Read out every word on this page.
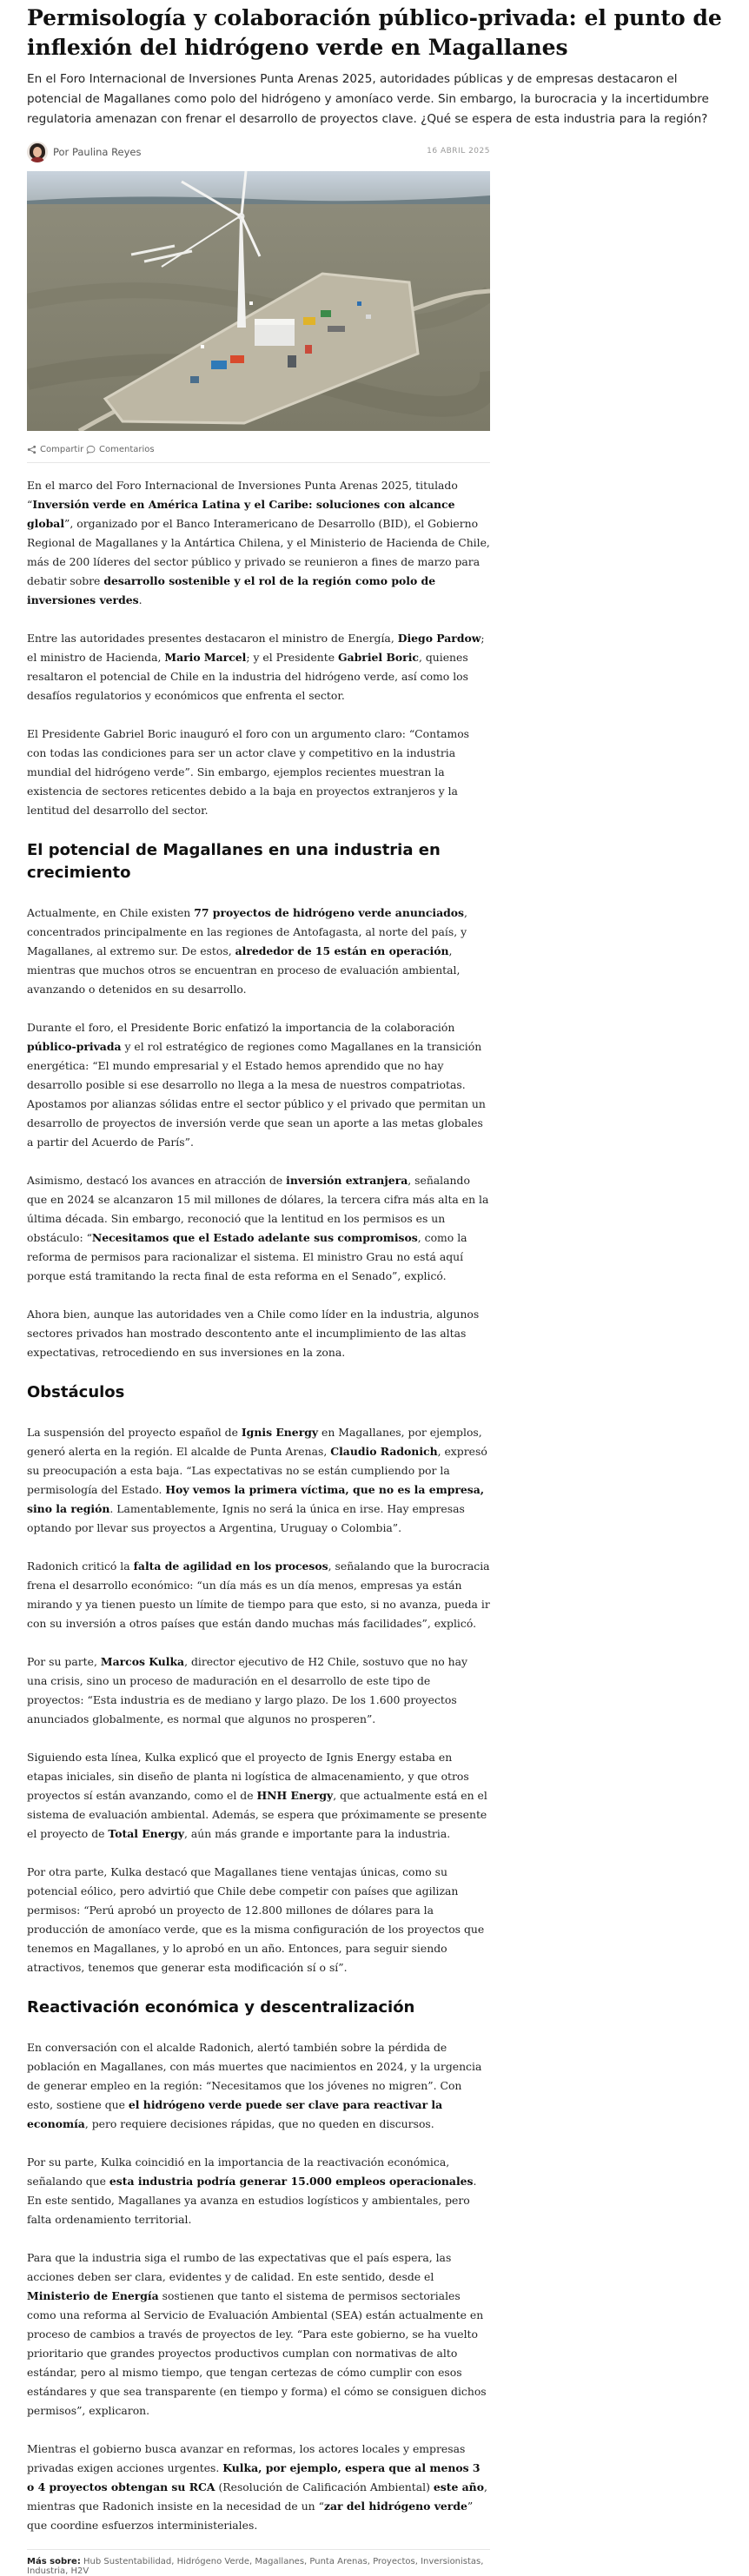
Permisología y colaboración público-privada: el punto de inflexión del hidrógeno verde en Magallanes

En el Foro Internacional de Inversiones Punta Arenas 2025, autoridades públicas y de empresas destacaron el potencial de Magallanes como polo del hidrógeno y amoníaco verde. Sin embargo, la burocracia y la incertidumbre regulatoria amenazan con frenar el desarrollo de proyectos clave. ¿Qué se espera de esta industria para la región?

Por Paulina Reyes	16 ABRIL 2025
Compartir Comentarios

En el marco del Foro Internacional de Inversiones Punta Arenas 2025, titulado “Inversión verde en América Latina y el Caribe: soluciones con alcance global”, organizado por el Banco Interamericano de Desarrollo (BID), el Gobierno Regional de Magallanes y la Antártica Chilena, y el Ministerio de Hacienda de Chile, más de 200 líderes del sector público y privado se reunieron a fines de marzo para debatir sobre desarrollo sostenible y el rol de la región como polo de inversiones verdes.

Entre las autoridades presentes destacaron el ministro de Energía, Diego Pardow; el ministro de Hacienda, Mario Marcel; y el Presidente Gabriel Boric, quienes resaltaron el potencial de Chile en la industria del hidrógeno verde, así como los desafíos regulatorios y económicos que enfrenta el sector.

El Presidente Gabriel Boric inauguró el foro con un argumento claro: “Contamos con todas las condiciones para ser un actor clave y competitivo en la industria mundial del hidrógeno verde”. Sin embargo, ejemplos recientes muestran la existencia de sectores reticentes debido a la baja en proyectos extranjeros y la lentitud del desarrollo del sector.

El potencial de Magallanes en una industria en crecimiento

Actualmente, en Chile existen 77 proyectos de hidrógeno verde anunciados, concentrados principalmente en las regiones de Antofagasta, al norte del país, y Magallanes, al extremo sur. De estos, alrededor de 15 están en operación, mientras que muchos otros se encuentran en proceso de evaluación ambiental, avanzando o detenidos en su desarrollo.

Durante el foro, el Presidente Boric enfatizó la importancia de la colaboración público-privada y el rol estratégico de regiones como Magallanes en la transición energética: “El mundo empresarial y el Estado hemos aprendido que no hay desarrollo posible si ese desarrollo no llega a la mesa de nuestros compatriotas. Apostamos por alianzas sólidas entre el sector público y el privado que permitan un desarrollo de proyectos de inversión verde que sean un aporte a las metas globales a partir del Acuerdo de París”.

Asimismo, destacó los avances en atracción de inversión extranjera, señalando que en 2024 se alcanzaron 15 mil millones de dólares, la tercera cifra más alta en la última década. Sin embargo, reconoció que la lentitud en los permisos es un obstáculo: “Necesitamos que el Estado adelante sus compromisos, como la reforma de permisos para racionalizar el sistema. El ministro Grau no está aquí porque está tramitando la recta final de esta reforma en el Senado”, explicó.

Ahora bien, aunque las autoridades ven a Chile como líder en la industria, algunos sectores privados han mostrado descontento ante el incumplimiento de las altas expectativas, retrocediendo en sus inversiones en la zona.

Obstáculos

La suspensión del proyecto español de Ignis Energy en Magallanes, por ejemplos, generó alerta en la región. El alcalde de Punta Arenas, Claudio Radonich, expresó su preocupación a esta baja. “Las expectativas no se están cumpliendo por la permisología del Estado. Hoy vemos la primera víctima, que no es la empresa, sino la región. Lamentablemente, Ignis no será la única en irse. Hay empresas optando por llevar sus proyectos a Argentina, Uruguay o Colombia”.

Radonich criticó la falta de agilidad en los procesos, señalando que la burocracia frena el desarrollo económico: “un día más es un día menos, empresas ya están mirando y ya tienen puesto un límite de tiempo para que esto, si no avanza, pueda ir con su inversión a otros países que están dando muchas más facilidades”, explicó.

Por su parte, Marcos Kulka, director ejecutivo de H2 Chile, sostuvo que no hay una crisis, sino un proceso de maduración en el desarrollo de este tipo de proyectos: “Esta industria es de mediano y largo plazo. De los 1.600 proyectos anunciados globalmente, es normal que algunos no prosperen”.

Siguiendo esta línea, Kulka explicó que el proyecto de Ignis Energy estaba en etapas iniciales, sin diseño de planta ni logística de almacenamiento, y que otros proyectos sí están avanzando, como el de HNH Energy, que actualmente está en el sistema de evaluación ambiental. Además, se espera que próximamente se presente el proyecto de Total Energy, aún más grande e importante para la industria.

Por otra parte, Kulka destacó que Magallanes tiene ventajas únicas, como su potencial eólico, pero advirtió que Chile debe competir con países que agilizan permisos: “Perú aprobó un proyecto de 12.800 millones de dólares para la producción de amoníaco verde, que es la misma configuración de los proyectos que tenemos en Magallanes, y lo aprobó en un año. Entonces, para seguir siendo atractivos, tenemos que generar esta modificación sí o sí”.

Reactivación económica y descentralización

En conversación con el alcalde Radonich, alertó también sobre la pérdida de población en Magallanes, con más muertes que nacimientos en 2024, y la urgencia de generar empleo en la región: “Necesitamos que los jóvenes no migren”. Con esto, sostiene que el hidrógeno verde puede ser clave para reactivar la economía, pero requiere decisiones rápidas, que no queden en discursos.

Por su parte, Kulka coincidió en la importancia de la reactivación económica, señalando que esta industria podría generar 15.000 empleos operacionales. En este sentido, Magallanes ya avanza en estudios logísticos y ambientales, pero falta ordenamiento territorial.

Para que la industria siga el rumbo de las expectativas que el país espera, las acciones deben ser clara, evidentes y de calidad. En este sentido, desde el Ministerio de Energía sostienen que tanto el sistema de permisos sectoriales como una reforma al Servicio de Evaluación Ambiental (SEA) están actualmente en proceso de cambios a través de proyectos de ley. “Para este gobierno, se ha vuelto prioritario que grandes proyectos productivos cumplan con normativas de alto estándar, pero al mismo tiempo, que tengan certezas de cómo cumplir con esos estándares y que sea transparente (en tiempo y forma) el cómo se consiguen dichos permisos”, explicaron.

Mientras el gobierno busca avanzar en reformas, los actores locales y empresas privadas exigen acciones urgentes. Kulka, por ejemplo, espera que al menos 3 o 4 proyectos obtengan su RCA (Resolución de Calificación Ambiental) este año, mientras que Radonich insiste en la necesidad de un “zar del hidrógeno verde” que coordine esfuerzos interministeriales.

Más sobre: Hub Sustentabilidad, Hidrógeno Verde, Magallanes, Punta Arenas, Proyectos, Inversionistas, Industria, H2V
